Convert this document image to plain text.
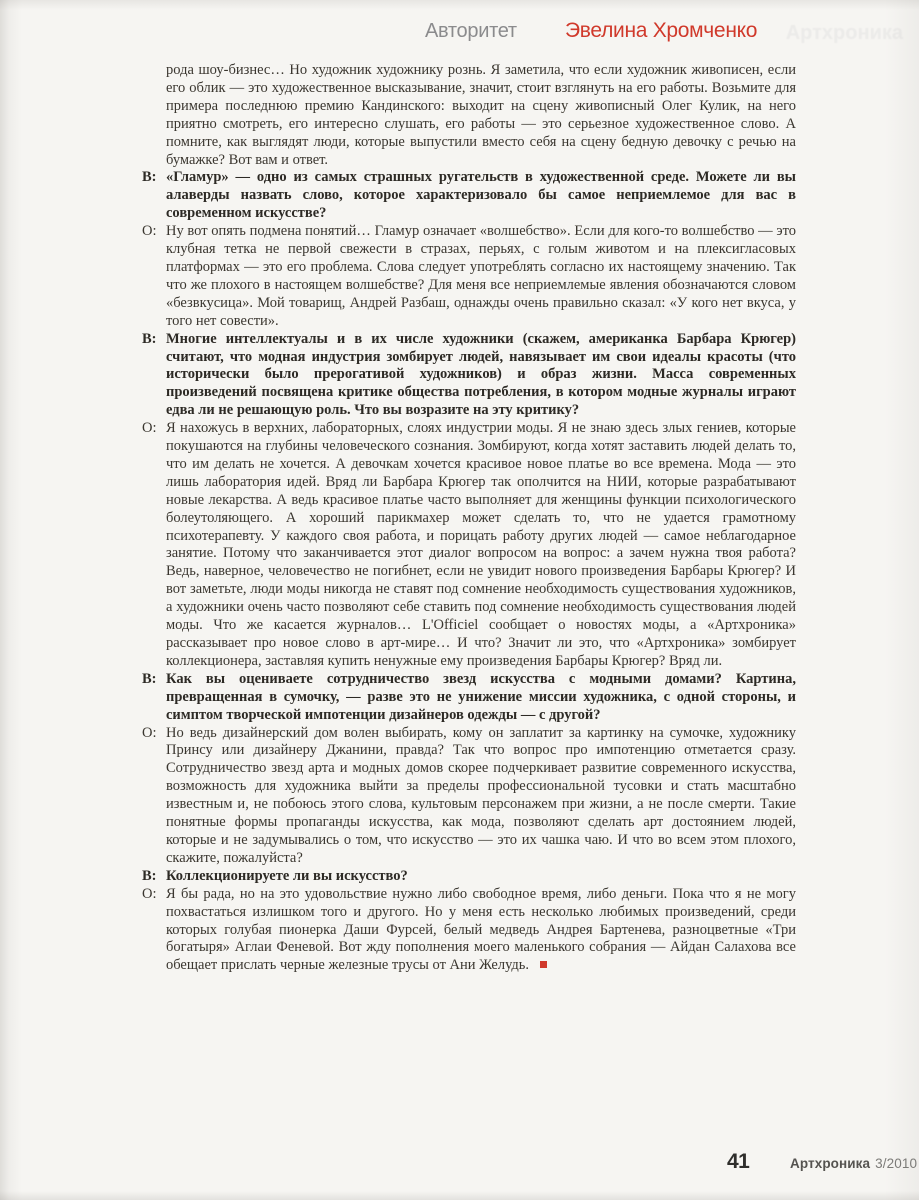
Авторитет Эвелина Хромченко Артхроника

рода шоу-бизнес… Но художник художнику рознь. Я заметила, что если художник живописен, если его облик — это художественное высказывание, значит, стоит взглянуть на его работы. Возьмите для примера последнюю премию Кандинского: выходит на сцену живописный Олег Кулик, на него приятно смотреть, его интересно слушать, его работы — это серьезное художественное слово. А помните, как выглядят люди, которые выпустили вместо себя на сцену бедную девочку с речью на бумажке? Вот вам и ответ.

В: «Гламур» — одно из самых страшных ругательств в художественной среде. Можете ли вы алаверды назвать слово, которое характеризовало бы самое неприемлемое для вас в современном искусстве?

О: Ну вот опять подмена понятий… Гламур означает «волшебство». Если для кого-то волшебство — это клубная тетка не первой свежести в стразах, перьях, с голым животом и на плексигласовых платформах — это его проблема. Слова следует употреблять согласно их настоящему значению. Так что же плохого в настоящем волшебстве? Для меня все неприемлемые явления обозначаются словом «безвкусица». Мой товарищ, Андрей Разбаш, однажды очень правильно сказал: «У кого нет вкуса, у того нет совести».

В: Многие интеллектуалы и в их числе художники (скажем, американка Барбара Крюгер) считают, что модная индустрия зомбирует людей, навязывает им свои идеалы красоты (что исторически было прерогативой художников) и образ жизни. Масса современных произведений посвящена критике общества потребления, в котором модные журналы играют едва ли не решающую роль. Что вы возразите на эту критику?

О: Я нахожусь в верхних, лабораторных, слоях индустрии моды. Я не знаю здесь злых гениев, которые покушаются на глубины человеческого сознания. Зомбируют, когда хотят заставить людей делать то, что им делать не хочется. А девочкам хочется красивое новое платье во все времена. Мода — это лишь лаборатория идей. Вряд ли Барбара Крюгер так ополчится на НИИ, которые разрабатывают новые лекарства. А ведь красивое платье часто выполняет для женщины функции психологического болеутоляющего. А хороший парикмахер может сделать то, что не удается грамотному психотерапевту. У каждого своя работа, и порицать работу других людей — самое неблагодарное занятие. Потому что заканчивается этот диалог вопросом на вопрос: а зачем нужна твоя работа? Ведь, наверное, человечество не погибнет, если не увидит нового произведения Барбары Крюгер? И вот заметьте, люди моды никогда не ставят под сомнение необходимость существования художников, а художники очень часто позволяют себе ставить под сомнение необходимость существования людей моды. Что же касается журналов… L'Officiel сообщает о новостях моды, а «Артхроника» рассказывает про новое слово в арт-мире… И что? Значит ли это, что «Артхроника» зомбирует коллекционера, заставляя купить ненужные ему произведения Барбары Крюгер? Вряд ли.

В: Как вы оцениваете сотрудничество звезд искусства с модными домами? Картина, превращенная в сумочку, — разве это не унижение миссии художника, с одной стороны, и симптом творческой импотенции дизайнеров одежды — с другой?

О: Но ведь дизайнерский дом волен выбирать, кому он заплатит за картинку на сумочке, художнику Принсу или дизайнеру Джанини, правда? Так что вопрос про импотенцию отметается сразу. Сотрудничество звезд арта и модных домов скорее подчеркивает развитие современного искусства, возможность для художника выйти за пределы профессиональной тусовки и стать масштабно известным и, не побоюсь этого слова, культовым персонажем при жизни, а не после смерти. Такие понятные формы пропаганды искусства, как мода, позволяют сделать арт достоянием людей, которые и не задумывались о том, что искусство — это их чашка чаю. И что во всем этом плохого, скажите, пожалуйста?

В: Коллекционируете ли вы искусство?

О: Я бы рада, но на это удовольствие нужно либо свободное время, либо деньги. Пока что я не могу похвастаться излишком того и другого. Но у меня есть несколько любимых произведений, среди которых голубая пионерка Даши Фурсей, белый медведь Андрея Бартенева, разноцветные «Три богатыря» Аглаи Феневой. Вот жду пополнения моего маленького собрания — Айдан Салахова все обещает прислать черные железные трусы от Ани Желудь.

41	Артхроника 3/2010
